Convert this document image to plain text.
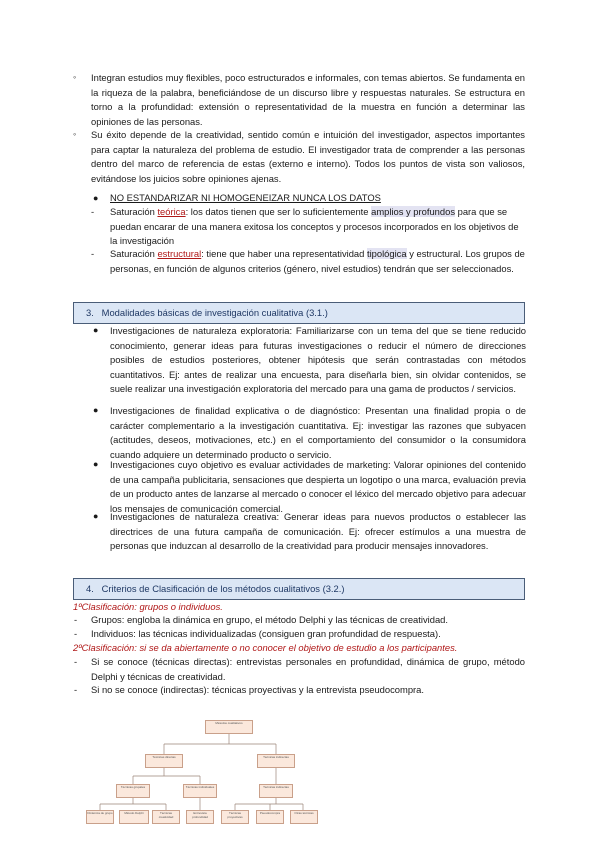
◦ Integran estudios muy flexibles, poco estructurados e informales, con temas abiertos. Se fundamenta en la riqueza de la palabra, beneficiándose de un discurso libre y respuestas naturales. Se estructura en torno a la profundidad: extensión o representatividad de la muestra en función a determinar las opiniones de las personas.

◦ Su éxito depende de la creatividad, sentido común e intuición del investigador, aspectos importantes para captar la naturaleza del problema de estudio. El investigador trata de comprender a las personas dentro del marco de referencia de estas (externo e interno). Todos los puntos de vista son valiosos, evitándose los juicios sobre opiniones ajenas.

● NO ESTANDARIZAR NI HOMOGENEIZAR NUNCA LOS DATOS

- Saturación teórica: los datos tienen que ser lo suficientemente amplios y profundos para que se puedan encarar de una manera exitosa los conceptos y procesos incorporados en los objetivos de la investigación

- Saturación estructural: tiene que haber una representatividad tipológica y estructural. Los grupos de personas, en función de algunos criterios (género, nivel estudios) tendrán que ser seleccionados.

3. Modalidades básicas de investigación cualitativa (3.1.)
● Investigaciones de naturaleza exploratoria: Familiarizarse con un tema del que se tiene reducido conocimiento, generar ideas para futuras investigaciones o reducir el número de direcciones posibles de estudios posteriores, obtener hipótesis que serán contrastadas con métodos cuantitativos. Ej: antes de realizar una encuesta, para diseñarla bien, sin olvidar contenidos, se suele realizar una investigación exploratoria del mercado para una gama de productos / servicios.

● Investigaciones de finalidad explicativa o de diagnóstico: Presentan una finalidad propia o de carácter complementario a la investigación cuantitativa. Ej: investigar las razones que subyacen (actitudes, deseos, motivaciones, etc.) en el comportamiento del consumidor o la consumidora cuando adquiere un determinado producto o servicio.

● Investigaciones cuyo objetivo es evaluar actividades de marketing: Valorar opiniones del contenido de una campaña publicitaria, sensaciones que despierta un logotipo o una marca, evaluación previa de un producto antes de lanzarse al mercado o conocer el léxico del mercado objetivo para adecuar los mensajes de comunicación comercial.

● Investigaciones de naturaleza creativa: Generar ideas para nuevos productos o establecer las directrices de una futura campaña de comunicación. Ej: ofrecer estímulos a una muestra de personas que induzcan al desarrollo de la creatividad para producir mensajes innovadores.

4. Criterios de Clasificación de los métodos cualitativos (3.2.)

1ºClasificación: grupos o individuos.

- Grupos: engloba la dinámica en grupo, el método Delphi y las técnicas de creatividad.

- Individuos: las técnicas individualizadas (consiguen gran profundidad de respuesta).

2ºClasificación: si se da abiertamente o no conocer el objetivo de estudio a los participantes.

- Si se conoce (técnicas directas): entrevistas personales en profundidad, dinámica de grupo, método Delphi y técnicas de creatividad.

- Si no se conoce (indirectas): técnicas proyectivas y la entrevista pseudocompra.

Métodos cualitativos
Técnicas directas	Técnicas indirectas
Técnicas grupales	Técnicas individuales	Técnicas indirectas
Dinámica de grupo	Método Delphi	Técnicas creatividad
Entrevista profundidad
Técnicas proyectivas
Pseudocompra	Otras técnicas
